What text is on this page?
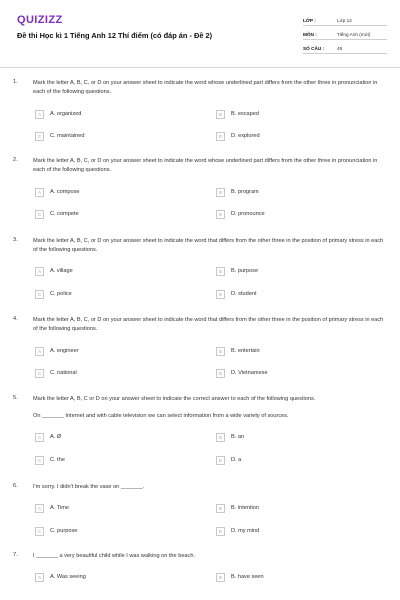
QUIZIZZ
Đề thi Học kì 1 Tiếng Anh 12 Thí điểm (có đáp án - Đề 2)
LỚP :	Lớp 12
MÔN :	Tiếng Anh (mới)
SỐ CÂU :	49
1.	Mark the letter A, B, C, or D on your answer sheet to indicate the word whose underlined part differs from the other three in pronunciation in each of the following questions.
A	A. organized	B	B. escaped
C	C. maintained	D	D. explored
2.	Mark the letter A, B, C, or D on your answer sheet to indicate the word whose underlined part differs from the other three in pronunciation in each of the following questions.
A	A. compose	B	B. program
C	C. compete	D	D. pronounce
3.	Mark the letter A, B, C, or D on your answer sheet to indicate the word that differs from the other three in the position of primary stress in each of the following questions.
A	A. village	B	B. purpose
C	C. police	D	D. student
4.	Mark the letter A, B, C, or D on your answer sheet to indicate the word that differs from the other three in the position of primary stress in each of the following questions.
A	A. engineer	B	B. entertain
C	C. national	D	D. Vietnamese
5.	Mark the letter A, B, C or D on your answer sheet to indicate the correct answer to each of the following questions.
On _______ Internet and with cable television we can select information from a wide variety of sources.
A	A. Ø	B	B. an
C	C. the	D	D. a
6.	I'm sorry. I didn't break the vase on _______.
A	A. Time	B	B. intention
C	C. purpose	D	D. my mind
7.	I _______ a very beautiful child while I was walking on the beach.
A	A. Was seeing	B	B. have seen
